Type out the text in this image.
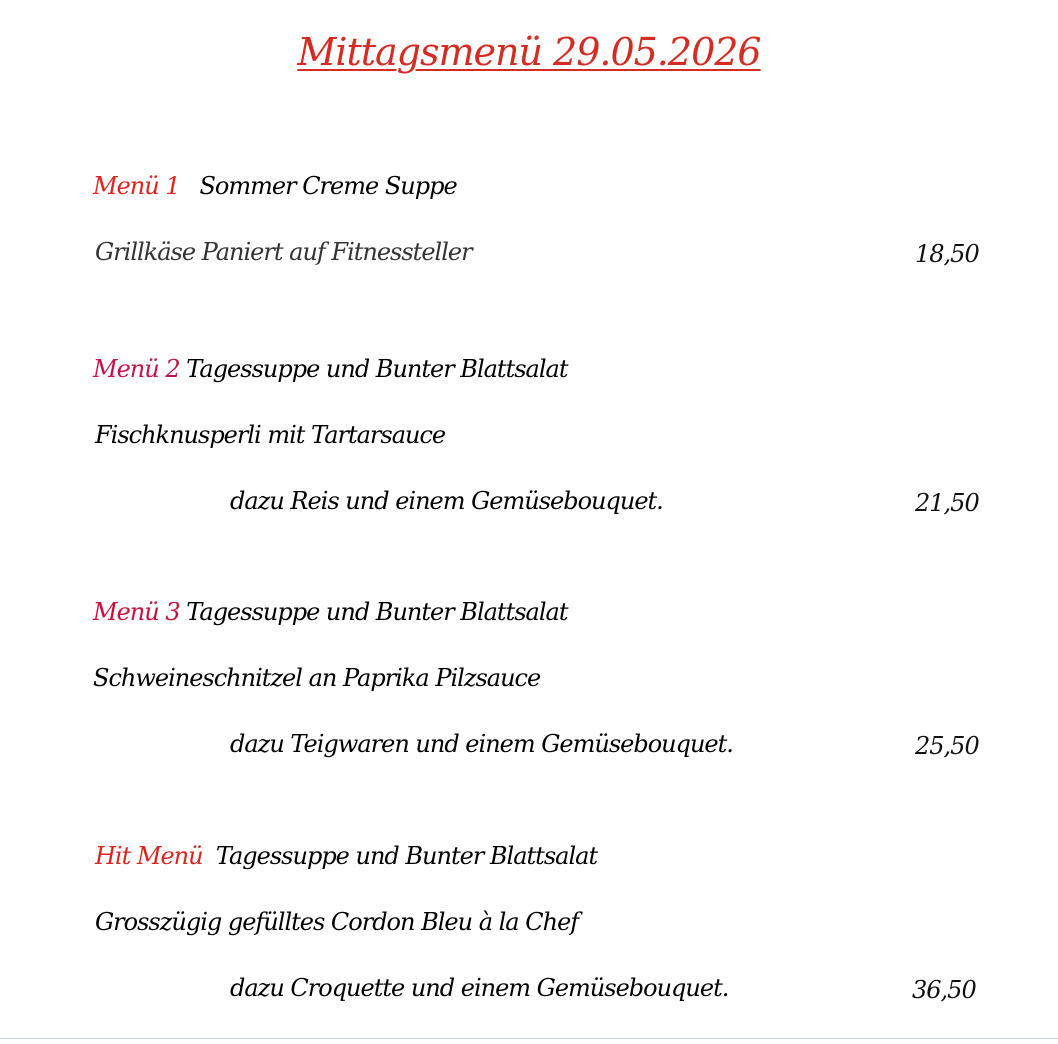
Mittagsmenü 29.05.2026
Menü 1 Sommer Creme Suppe
Grillkäse Paniert auf Fitnessteller	18,50
Menü 2 Tagessuppe und Bunter Blattsalat
Fischknusperli mit Tartarsauce
dazu Reis und einem Gemüsebouquet.	21,50
Menü 3 Tagessuppe und Bunter Blattsalat
Schweineschnitzel an Paprika Pilzsauce
dazu Teigwaren und einem Gemüsebouquet.	25,50
Hit Menü Tagessuppe und Bunter Blattsalat
Grosszügig gefülltes Cordon Bleu à la Chef
dazu Croquette und einem Gemüsebouquet.	36,50
